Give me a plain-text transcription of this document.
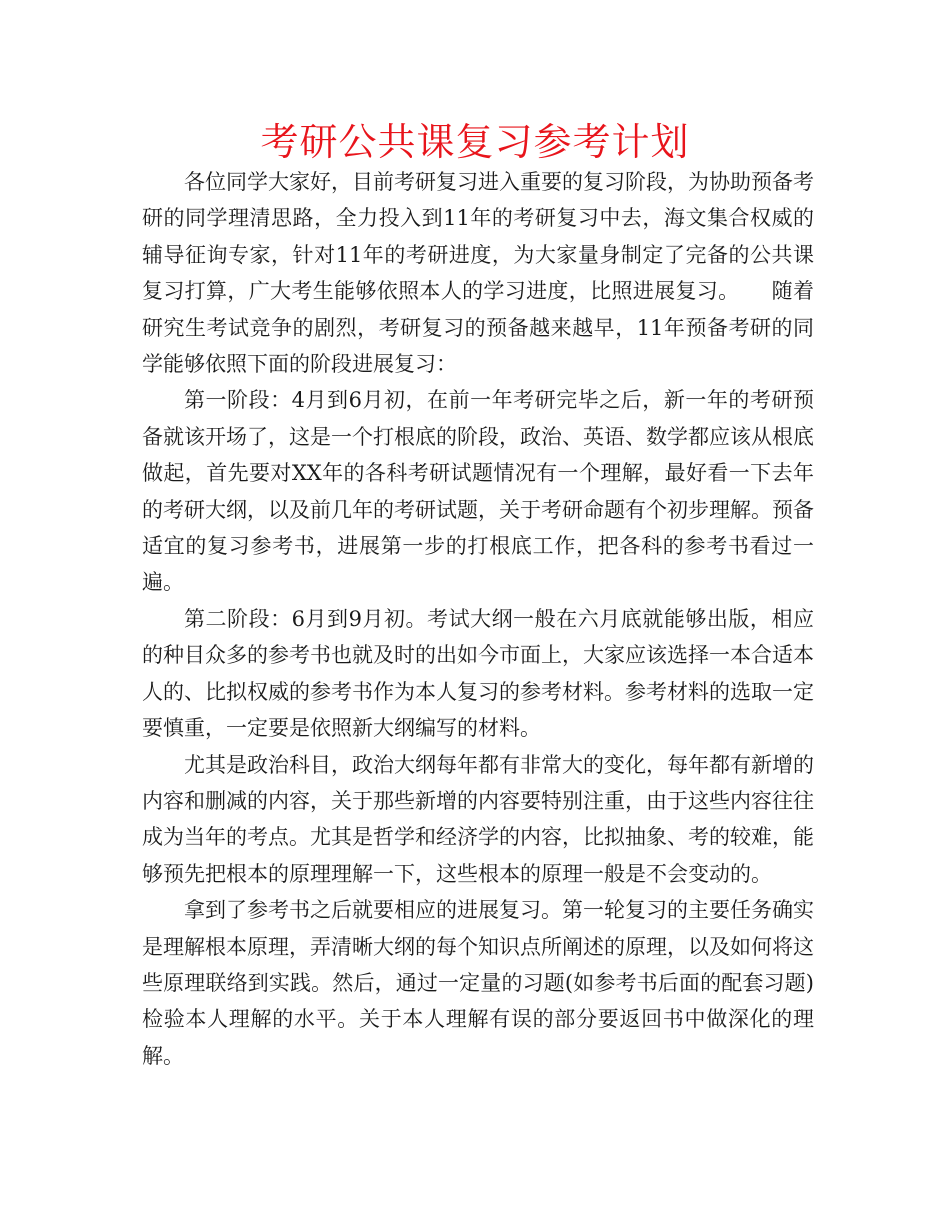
考研公共课复习参考计划

各位同学大家好，目前考研复习进入重要的复习阶段，为协助预备考研的同学理清思路，全力投入到11年的考研复习中去，海文集合权威的辅导征询专家，针对11年的考研进度，为大家量身制定了完备的公共课复习打算，广大考生能够依照本人的学习进度，比照进展复习。　　随着研究生考试竞争的剧烈，考研复习的预备越来越早，11年预备考研的同学能够依照下面的阶段进展复习：

第一阶段：4月到6月初，在前一年考研完毕之后，新一年的考研预备就该开场了，这是一个打根底的阶段，政治、英语、数学都应该从根底做起，首先要对XX年的各科考研试题情况有一个理解，最好看一下去年的考研大纲，以及前几年的考研试题，关于考研命题有个初步理解。预备适宜的复习参考书，进展第一步的打根底工作，把各科的参考书看过一遍。

第二阶段：6月到9月初。考试大纲一般在六月底就能够出版，相应的种目众多的参考书也就及时的出如今市面上，大家应该选择一本合适本人的、比拟权威的参考书作为本人复习的参考材料。参考材料的选取一定要慎重，一定要是依照新大纲编写的材料。

尤其是政治科目，政治大纲每年都有非常大的变化，每年都有新增的内容和删减的内容，关于那些新增的内容要特别注重，由于这些内容往往成为当年的考点。尤其是哲学和经济学的内容，比拟抽象、考的较难，能够预先把根本的原理理解一下，这些根本的原理一般是不会变动的。

拿到了参考书之后就要相应的进展复习。第一轮复习的主要任务确实是理解根本原理，弄清晰大纲的每个知识点所阐述的原理，以及如何将这些原理联络到实践。然后，通过一定量的习题(如参考书后面的配套习题)检验本人理解的水平。关于本人理解有误的部分要返回书中做深化的理解。
